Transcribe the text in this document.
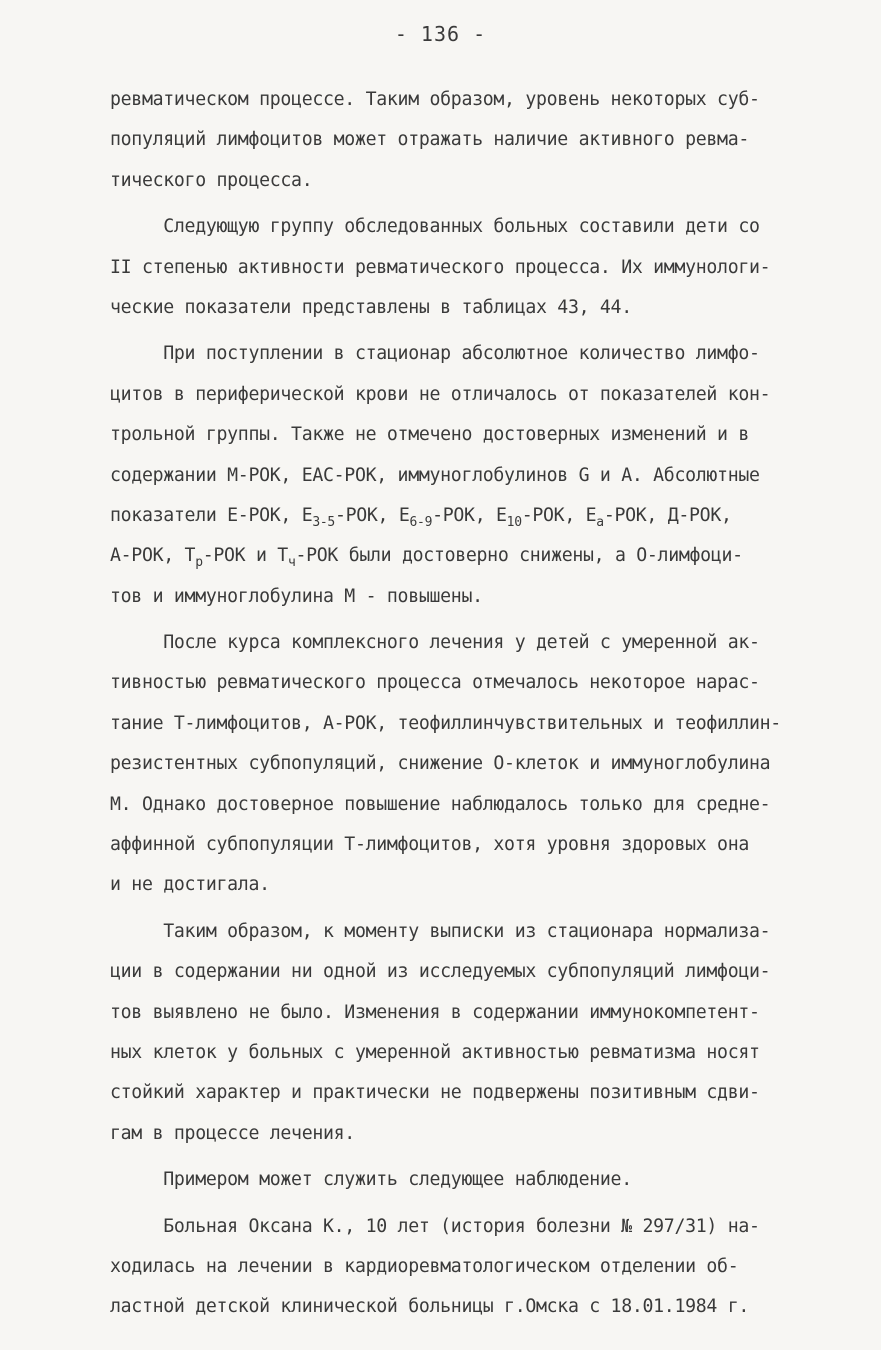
- 136 -
ревматическом процессе. Таким образом, уровень некоторых суб-
популяций лимфоцитов может отражать наличие активного ревма-
тического процесса.
Следующую группу обследованных больных составили дети со
II степенью активности ревматического процесса. Их иммунологи-
ческие показатели представлены в таблицах 43, 44.
При поступлении в стационар абсолютное количество лимфо-
цитов в периферической крови не отличалось от показателей кон-
трольной группы. Также не отмечено достоверных изменений и в
содержании М-РОК, ЕАС-РОК, иммуноглобулинов G и А. Абсолютные
показатели Е-РОК, $Е_{3-5}$-РОК, $Е_{6-9}$-РОК, $Е_{10}$-РОК, $Е_а$-РОК, Д-РОК,
А-РОК, $Т_р$-РОК и $Т_ч$-РОК были достоверно снижены, а О-лимфоци-
тов и иммуноглобулина М - повышены.
После курса комплексного лечения у детей с умеренной ак-
тивностью ревматического процесса отмечалось некоторое нарас-
тание Т-лимфоцитов, А-РОК, теофиллинчувствительных и теофиллин-
резистентных субпопуляций, снижение О-клеток и иммуноглобулина
М. Однако достоверное повышение наблюдалось только для средне-
аффинной субпопуляции Т-лимфоцитов, хотя уровня здоровых она
и не достигала.
Таким образом, к моменту выписки из стационара нормализа-
ции в содержании ни одной из исследуемых субпопуляций лимфоци-
тов выявлено не было. Изменения в содержании иммунокомпетент-
ных клеток у больных с умеренной активностью ревматизма носят
стойкий характер и практически не подвержены позитивным сдви-
гам в процессе лечения.
Примером может служить следующее наблюдение.
Больная Оксана К., 10 лет (история болезни № 297/31) на-
ходилась на лечении в кардиоревматологическом отделении об-
ластной детской клинической больницы г.Омска с 18.01.1984 г.
